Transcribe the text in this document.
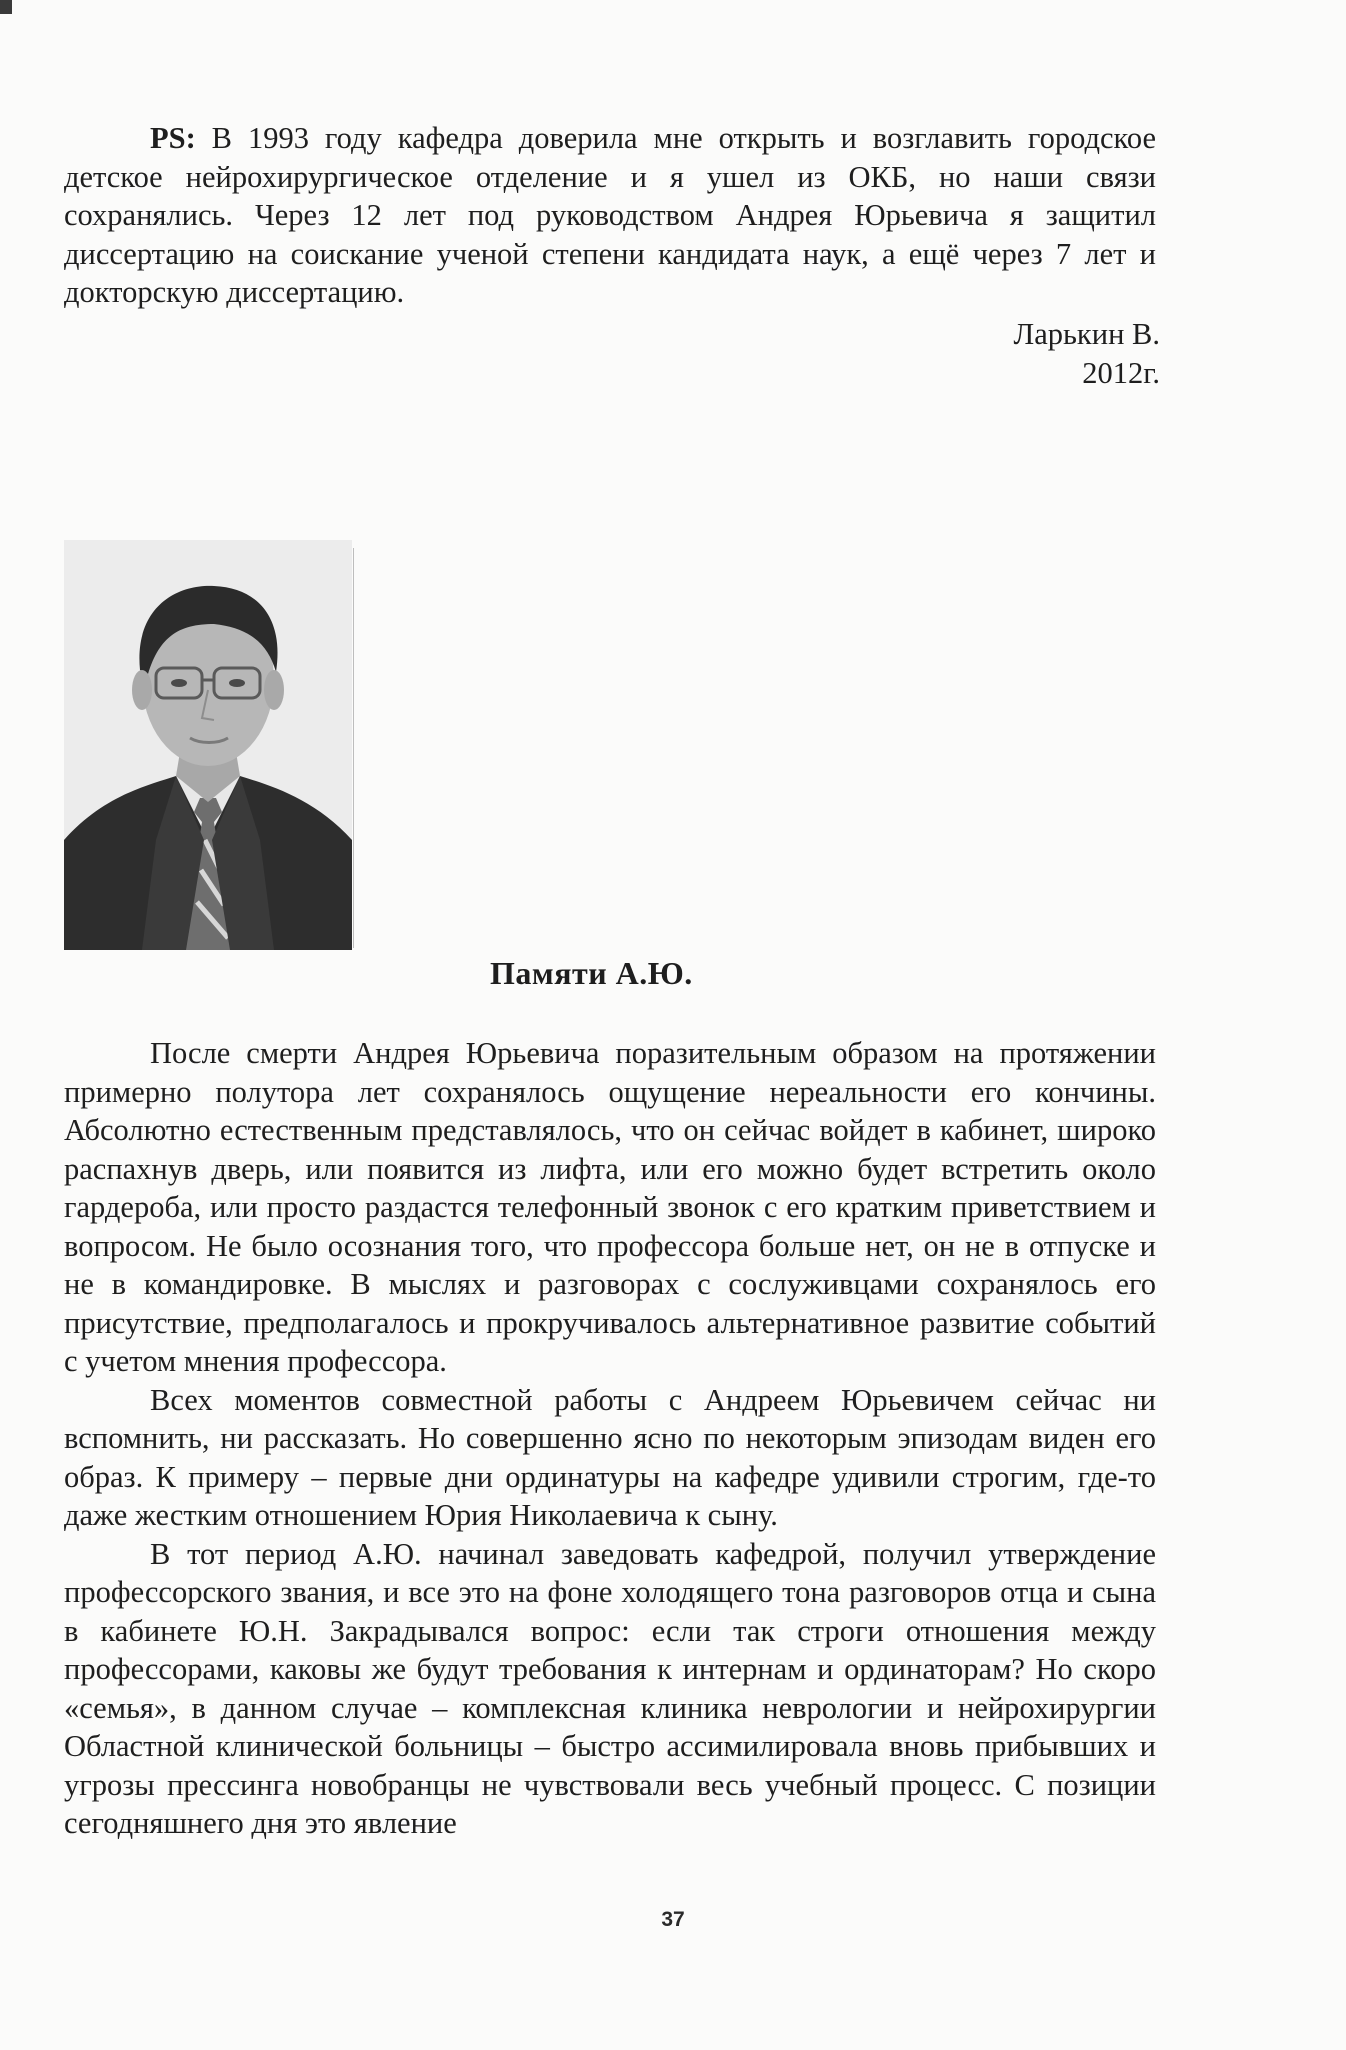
PS: В 1993 году кафедра доверила мне открыть и возглавить городское детское нейрохирургическое отделение и я ушел из ОКБ, но наши связи сохранялись. Через 12 лет под руководством Андрея Юрьевича я защитил диссертацию на соискание ученой степени кандидата наук, а ещё через 7 лет и докторскую диссертацию.

Ларькин В.

2012г.

Памяти А.Ю.

После смерти Андрея Юрьевича поразительным образом на протяжении примерно полутора лет сохранялось ощущение нереальности его кончины. Абсолютно естественным представлялось, что он сейчас войдет в кабинет, широко распахнув дверь, или появится из лифта, или его можно будет встретить около гардероба, или просто раздастся телефонный звонок с его кратким приветствием и вопросом. Не было осознания того, что профессора больше нет, он не в отпуске и не в командировке. В мыслях и разговорах с сослуживцами сохранялось его присутствие, предполагалось и прокручивалось альтернативное развитие событий с учетом мнения профессора.

Всех моментов совместной работы с Андреем Юрьевичем сейчас ни вспомнить, ни рассказать. Но совершенно ясно по некоторым эпизодам виден его образ. К примеру – первые дни ординатуры на кафедре удивили строгим, где-то даже жестким отношением Юрия Николаевича к сыну.

В тот период А.Ю. начинал заведовать кафедрой, получил утверждение профессорского звания, и все это на фоне холодящего тона разговоров отца и сына в кабинете Ю.Н. Закрадывался вопрос: если так строги отношения между профессорами, каковы же будут требования к интернам и ординаторам? Но скоро «семья», в данном случае – комплексная клиника неврологии и нейрохирургии Областной клинической больницы – быстро ассимилировала вновь прибывших и угрозы прессинга новобранцы не чувствовали весь учебный процесс. С позиции сегодняшнего дня это явление

37
